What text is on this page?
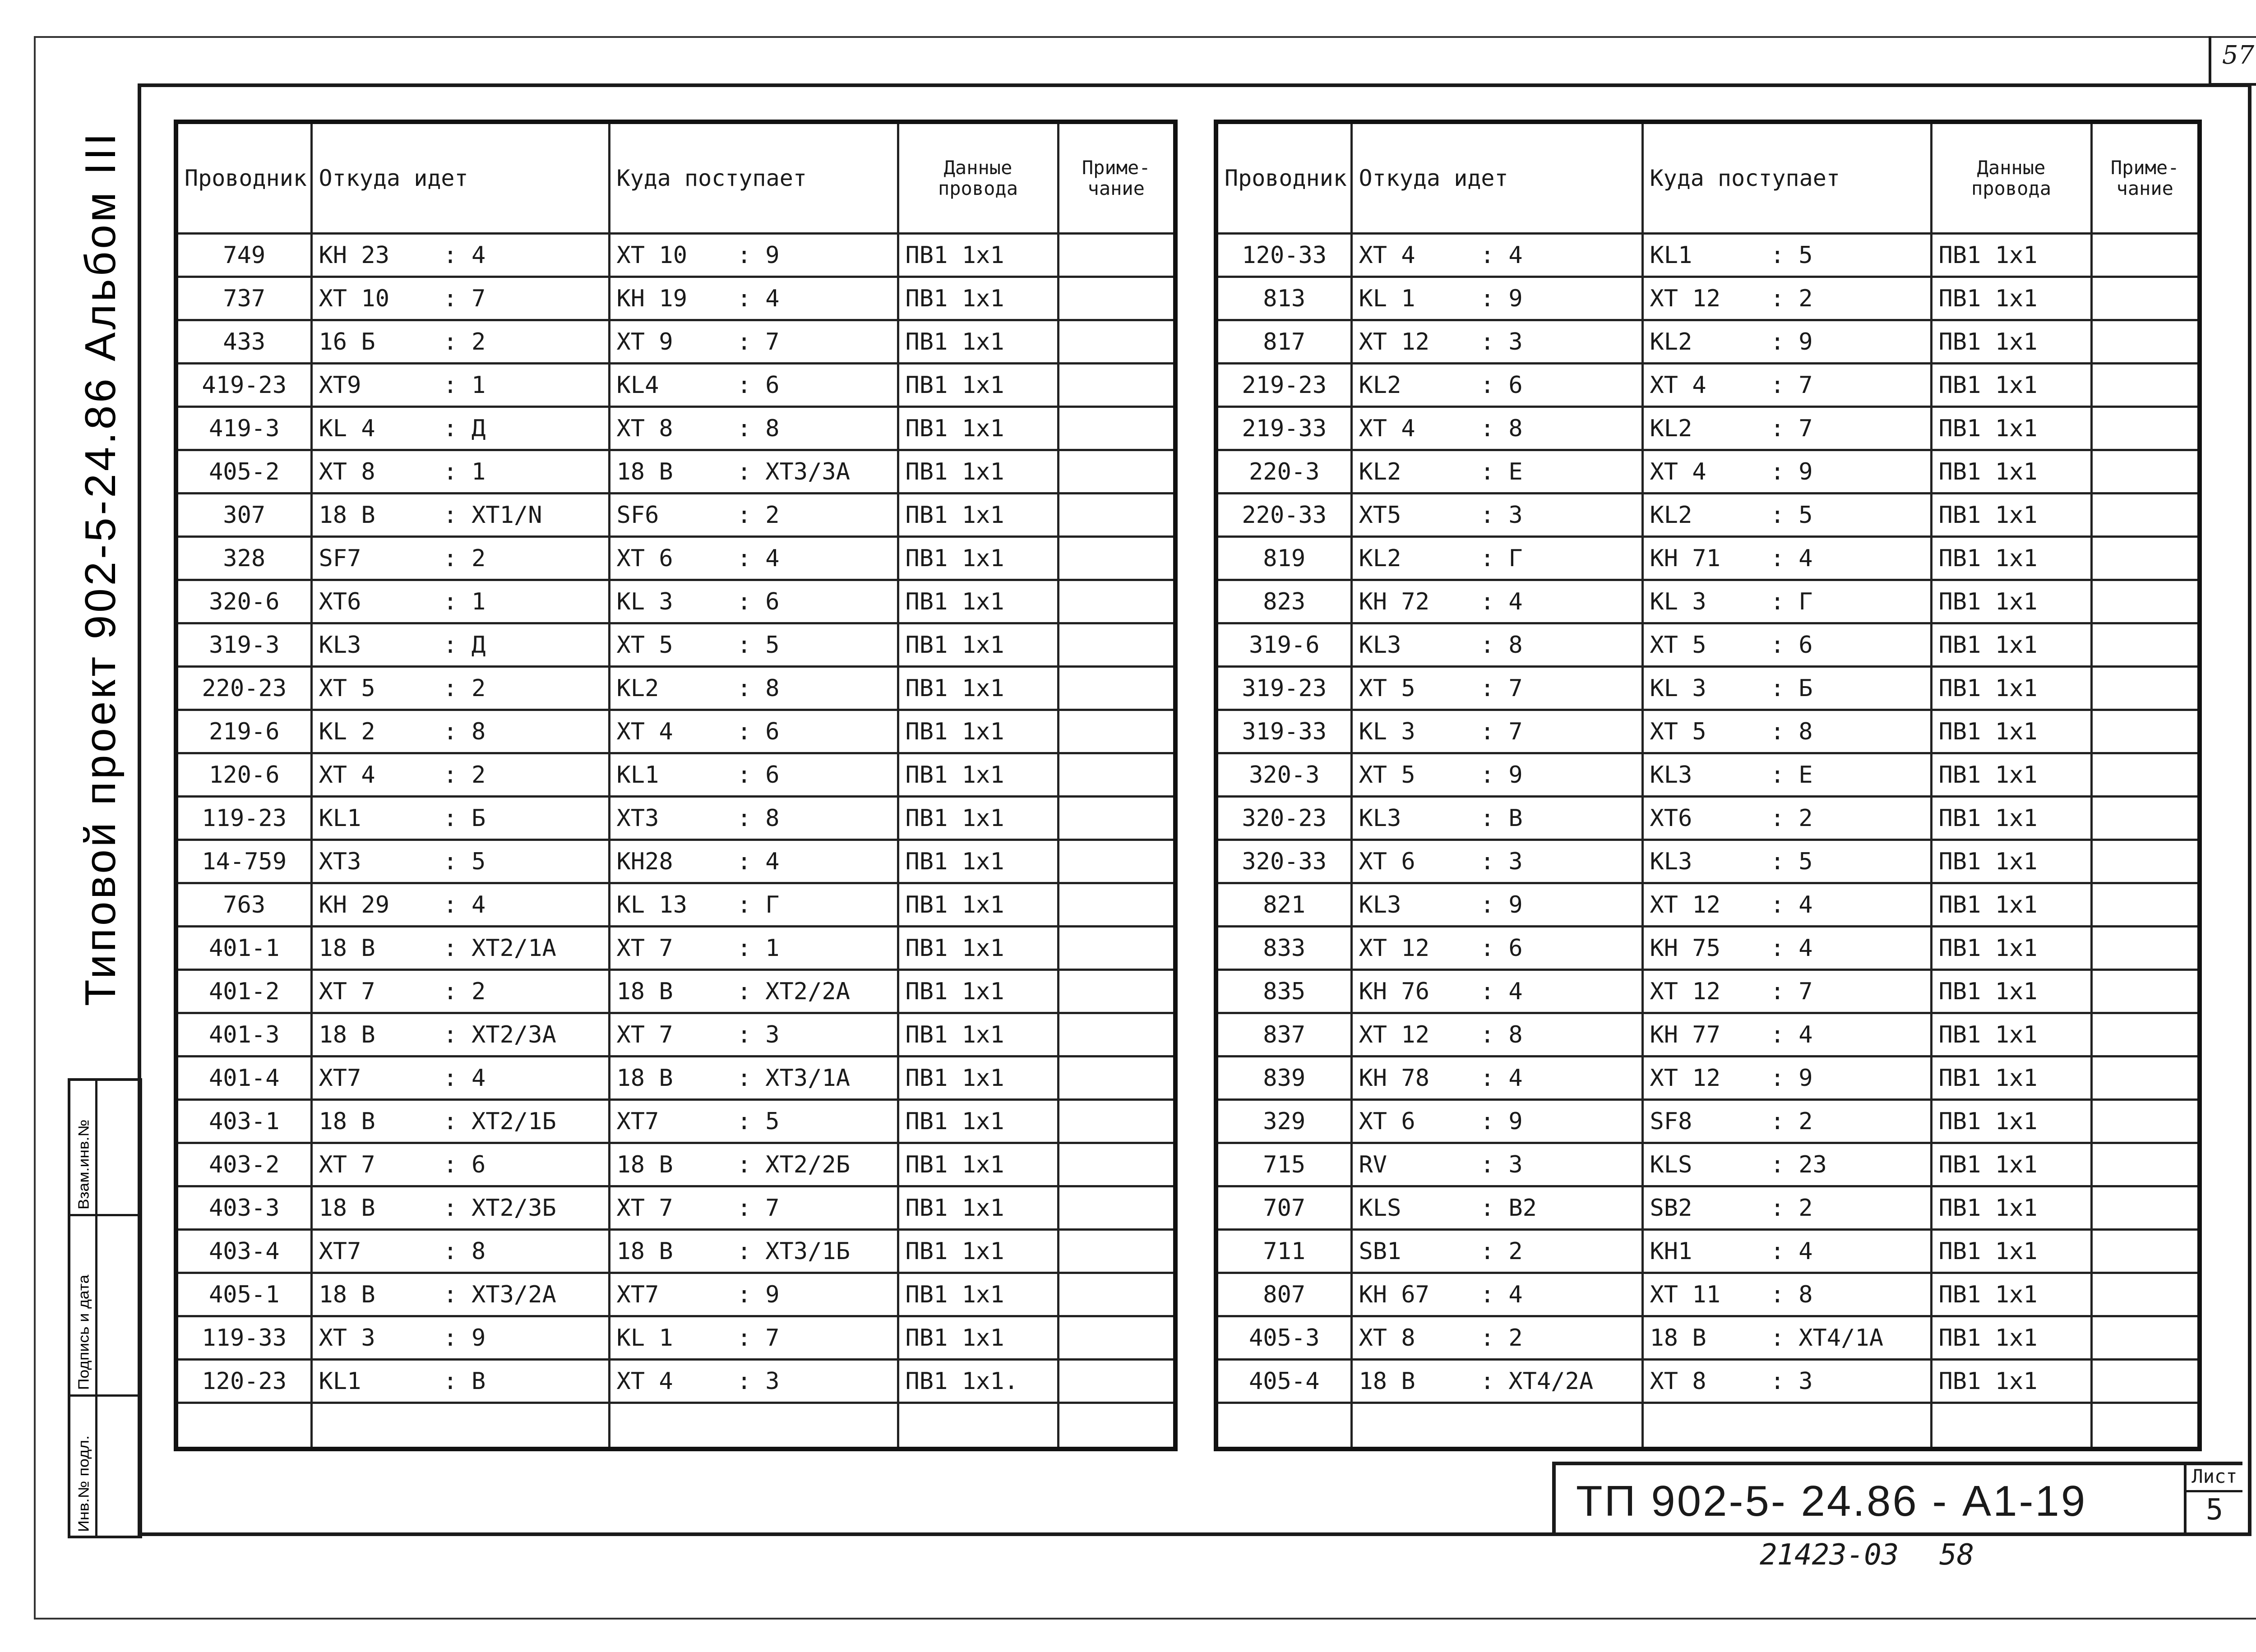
57
Типовой проект 902-5-24.86 Альбом III
Взам.инв.№
Подпись и дата
Инв.№ подл.
Проводник	Откуда идет	Куда поступает	Данные провода	Приме-чание
749	KH 23 : 4	XT 10 : 9	ПВ1 1х1	
737	XT 10 : 7	KH 19 : 4	ПВ1 1х1	
433	16 Б : 2	XT 9 : 7	ПВ1 1х1	
419-23	XT9 : 1	KL4 : 6	ПВ1 1х1	
419-3	KL 4 : Д	XT 8 : 8	ПВ1 1х1	
405-2	XT 8 : 1	18 В : XT3/3A	ПВ1 1х1	
307	18 В : XT1/N	SF6 : 2	ПВ1 1х1	
328	SF7 : 2	XT 6 : 4	ПВ1 1х1	
320-6	XT6 : 1	KL 3 : 6	ПВ1 1х1	
319-3	KL3 : Д	XT 5 : 5	ПВ1 1х1	
220-23	XT 5 : 2	KL2 : 8	ПВ1 1х1	
219-6	KL 2 : 8	XT 4 : 6	ПВ1 1х1	
120-6	XT 4 : 2	KL1 : 6	ПВ1 1х1	
119-23	KL1 : Б	XT3 : 8	ПВ1 1х1	
14-759	XT3 : 5	KH28 : 4	ПВ1 1х1	
763	KH 29 : 4	KL 13 : Г	ПВ1 1х1	
401-1	18 В : XT2/1A	XT 7 : 1	ПВ1 1х1	
401-2	XT 7 : 2	18 В : XT2/2A	ПВ1 1х1	
401-3	18 В : XT2/3A	XT 7 : 3	ПВ1 1х1	
401-4	XT7 : 4	18 В : XT3/1A	ПВ1 1х1	
403-1	18 В : XT2/1Б	XT7 : 5	ПВ1 1х1	
403-2	XT 7 : 6	18 В : XT2/2Б	ПВ1 1х1	
403-3	18 В : XT2/3Б	XT 7 : 7	ПВ1 1х1	
403-4	XT7 : 8	18 В : XT3/1Б	ПВ1 1х1	
405-1	18 В : XT3/2A	XT7 : 9	ПВ1 1х1	
119-33	XT 3 : 9	KL 1 : 7	ПВ1 1х1	
120-23	KL1 : В	XT 4 : 3	ПВ1 1х1.	

Проводник	Откуда идет	Куда поступает	Данные провода	Приме-чание
120-33	XT 4 : 4	KL1 : 5	ПВ1 1х1	
813	KL 1 : 9	XT 12 : 2	ПВ1 1х1	
817	XT 12 : 3	KL2 : 9	ПВ1 1х1	
219-23	KL2 : 6	XT 4 : 7	ПВ1 1х1	
219-33	XT 4 : 8	KL2 : 7	ПВ1 1х1	
220-3	KL2 : Е	XT 4 : 9	ПВ1 1х1	
220-33	XT5 : 3	KL2 : 5	ПВ1 1х1	
819	KL2 : Г	KH 71 : 4	ПВ1 1х1	
823	KH 72 : 4	KL 3 : Г	ПВ1 1х1	
319-6	KL3 : 8	XT 5 : 6	ПВ1 1х1	
319-23	XT 5 : 7	KL 3 : Б	ПВ1 1х1	
319-33	KL 3 : 7	XT 5 : 8	ПВ1 1х1	
320-3	XT 5 : 9	KL3 : Е	ПВ1 1х1	
320-23	KL3 : В	XT6 : 2	ПВ1 1х1	
320-33	XT 6 : 3	KL3 : 5	ПВ1 1х1	
821	KL3 : 9	XT 12 : 4	ПВ1 1х1	
833	XT 12 : 6	KH 75 : 4	ПВ1 1х1	
835	KH 76 : 4	XT 12 : 7	ПВ1 1х1	
837	XT 12 : 8	KH 77 : 4	ПВ1 1х1	
839	KH 78 : 4	XT 12 : 9	ПВ1 1х1	
329	XT 6 : 9	SF8 : 2	ПВ1 1х1	
715	RV : 3	KLS : 23	ПВ1 1х1	
707	KLS : В2	SB2 : 2	ПВ1 1х1	
711	SB1 : 2	KH1 : 4	ПВ1 1х1	
807	KH 67 : 4	XT 11 : 8	ПВ1 1х1	
405-3	XT 8 : 2	18 В : XT4/1A	ПВ1 1х1	
405-4	18 В : XT4/2A	XT 8 : 3	ПВ1 1х1	

ТП 902-5- 24.86 - А1-19
Лист
5
21423-03 58
